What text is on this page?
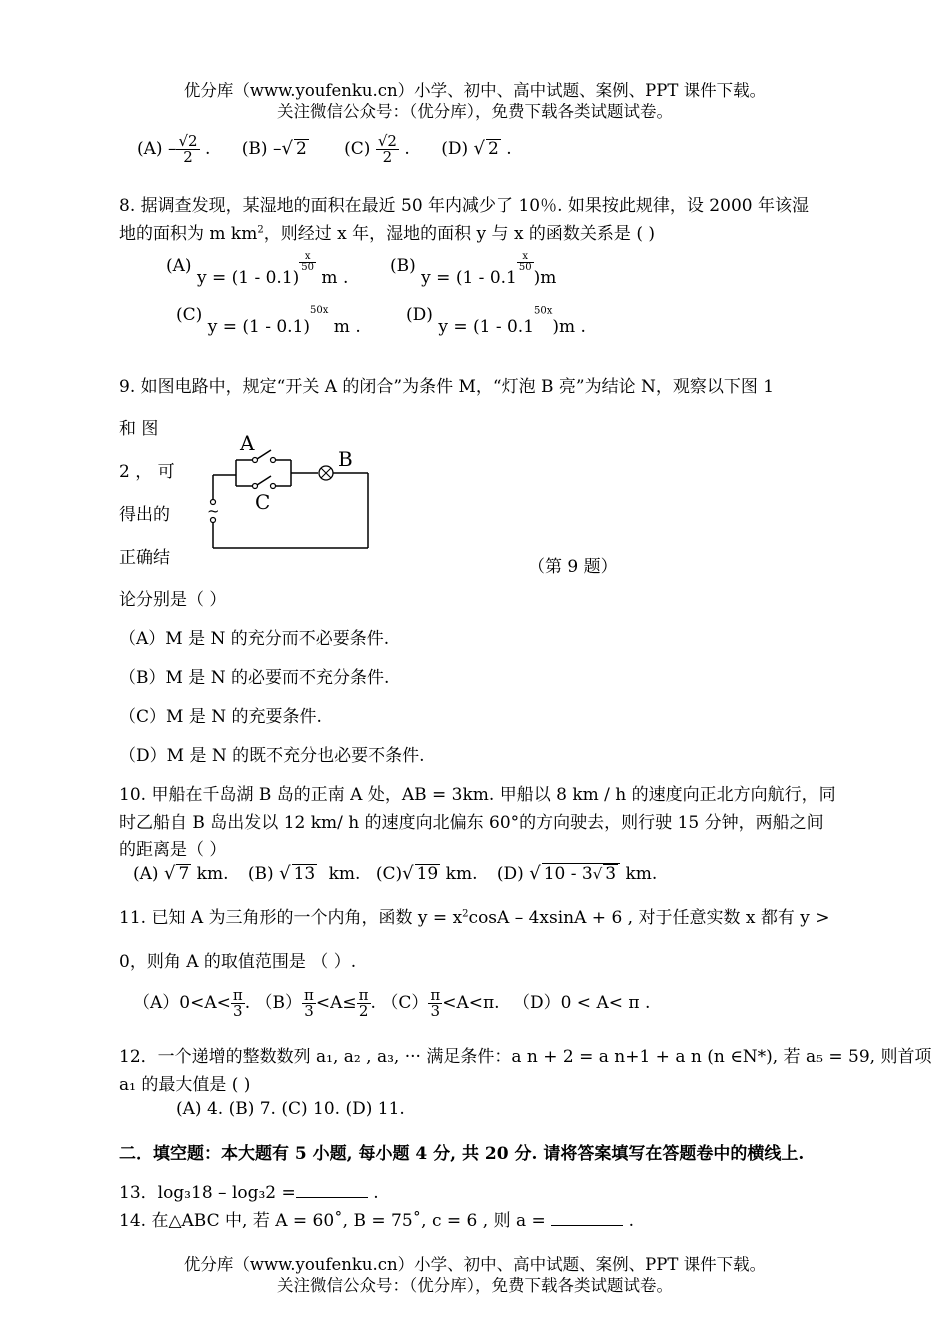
优分库（www.youfenku.cn）小学、初中、高中试题、案例、PPT 课件下载。
关注微信公众号：（优分库），免费下载各类试题试卷。
$(A) - \frac{√2}{2}$ . (B) –√ 2 $(C) \frac{√2}{2}$ . (D) √ 2 .
8. 据调查发现，某湿地的面积在最近 50 年内减少了 10％. 如果按此规律，设 2000 年该湿
地的面积为 m $km^2$，则经过 x 年，湿地的面积 y 与 x 的函数关系是 ( )
(A) y = (1 - 0.1)
$\frac{x}{50}$
m .
(B) y = (1 - 0.1
$\frac{x}{50}$
)m
(C) y = (1 - 0.1)$^{50x}$ m .
(D) $y = (1 - 0.1^{50x})m$ .
9. 如图电路中，规定“开关 A 的闭合”为条件 M，“灯泡 B 亮”为结论 N，观察以下图 1
和 图
2 ， 可
得出的
正确结
~
A
B
C
（第 9 题）
论分别是（ ）
（A）M 是 N 的充分而不必要条件.
（B）M 是 N 的必要而不充分条件.
（C）M 是 N 的充要条件.
（D）M 是 N 的既不充分也必要不条件.
10. 甲船在千岛湖 B 岛的正南 A 处，AB = 3km. 甲船以 8 km / h 的速度向正北方向航行，同
时乙船自 B 岛出发以 12 km/ h 的速度向北偏东 60°的方向驶去，则行驶 15 分钟，两船之间
的距离是（ ）
(A) √ 7 km. (B) √ 13 km. (C)√ 19 km. (D) √ 10 - 3√ 3 km.
11. 已知 A 为三角形的一个内角，函数 $y = x^2\cos A - 4xsinA + 6$ , 对于任意实数 x 都有 y >
0，则角 A 的取值范围是 （ ）.
$(A)0<A< \frac{\pi}{3}$ . $(B) \frac{\pi}{3} <A\le \frac{\pi}{2}$ . $(C) \frac{\pi}{3} <A<\pi$. （D）0 < A< π .
12．一个递增的整数数列 a₁, a₂ , a₃, ··· 满足条件：a n + 2 = a n+1 + a n (n ∈N*), 若 a₅ = 59, 则首项
a₁ 的最大值是 ( )
(A) 4. (B) 7. (C) 10. (D) 11.
二．填空题：本大题有 5 小题, 每小题 4 分, 共 20 分. 请将答案填写在答题卷中的横线上.
13．log₃18 – log₃2 =	.
14. 在△ABC 中, 若 A = 60˚, B = 75˚, c = 6 , 则 a =	.
优分库（www.youfenku.cn）小学、初中、高中试题、案例、PPT 课件下载。
关注微信公众号：（优分库），免费下载各类试题试卷。
